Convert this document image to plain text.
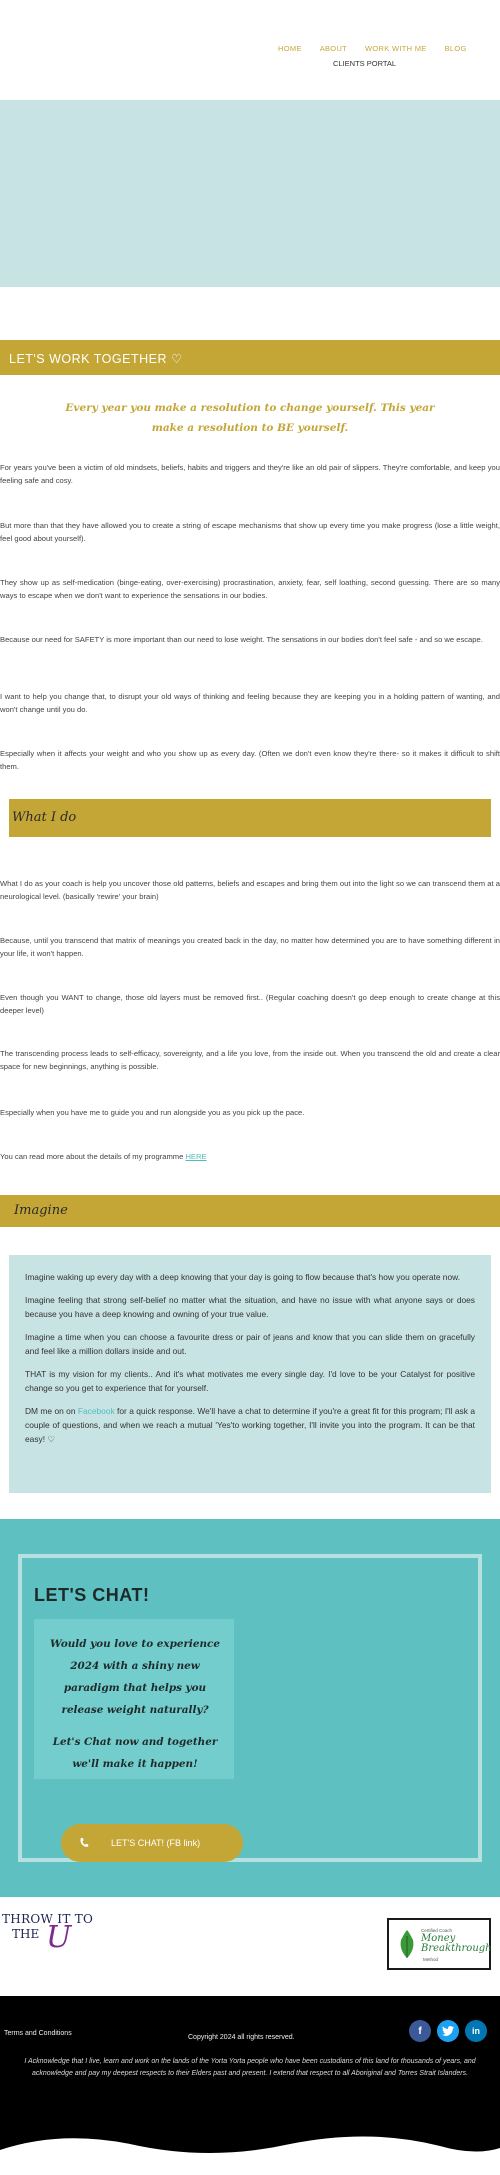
HOME ABOUT WORK WITH ME BLOG
CLIENTS PORTAL
LET'S WORK TOGETHER ♡
Every year you make a resolution to change yourself. This year make a resolution to BE yourself.

For years you've been a victim of old mindsets, beliefs, habits and triggers and they're like an old pair of slippers. They're comfortable, and keep you feeling safe and cosy.

But more than that they have allowed you to create a string of escape mechanisms that show up every time you make progress (lose a little weight, feel good about yourself).

They show up as self-medication (binge-eating, over-exercising) procrastination, anxiety, fear, self loathing, second guessing. There are so many ways to escape when we don't want to experience the sensations in our bodies.

Because our need for SAFETY is more important than our need to lose weight. The sensations in our bodies don't feel safe - and so we escape.

I want to help you change that, to disrupt your old ways of thinking and feeling because they are keeping you in a holding pattern of wanting, and won't change until you do.

Especially when it affects your weight and who you show up as every day. (Often we don't even know they're there- so it makes it difficult to shift them.

What I do

What I do as your coach is help you uncover those old patterns, beliefs and escapes and bring them out into the light so we can transcend them at a neurological level. (basically 'rewire' your brain)

Because, until you transcend that matrix of meanings you created back in the day, no matter how determined you are to have something different in your life, it won't happen.

Even though you WANT to change, those old layers must be removed first.. (Regular coaching doesn't go deep enough to create change at this deeper level)

The transcending process leads to self-efficacy, sovereignty, and a life you love, from the inside out. When you transcend the old and create a clear space for new beginnings, anything is possible.

Especially when you have me to guide you and run alongside you as you pick up the pace.

You can read more about the details of my programme HERE

Imagine

Imagine waking up every day with a deep knowing that your day is going to flow because that's how you operate now.

Imagine feeling that strong self-belief no matter what the situation, and have no issue with what anyone says or does because you have a deep knowing and owning of your true value.

Imagine a time when you can choose a favourite dress or pair of jeans and know that you can slide them on gracefully and feel like a million dollars inside and out.

THAT is my vision for my clients.. And it's what motivates me every single day. I'd love to be your Catalyst for positive change so you get to experience that for yourself.

DM me on on Facebook for a quick response. We'll have a chat to determine if you're a great fit for this program; I'll ask a couple of questions, and when we reach a mutual 'Yes'to working together, I'll invite you into the program. It can be that easy! ♡

LET'S CHAT!
Would you love to experience 2024 with a shiny new paradigm that helps you release weight naturally?
Let's Chat now and together we'll make it happen!
LET'S CHAT! (FB link)
THROW IT TO
THE U	Certified Coach
Money Breakthrough
Method
Terms and Conditions
Copyright 2024 all rights reserved.
f	in
I Acknowledge that I live, learn and work on the lands of the Yorta Yorta people who have been custodians of this land for thousands of years, and acknowledge and pay my deepest respects to their Elders past and present. I extend that respect to all Aboriginal and Torres Strait Islanders.
